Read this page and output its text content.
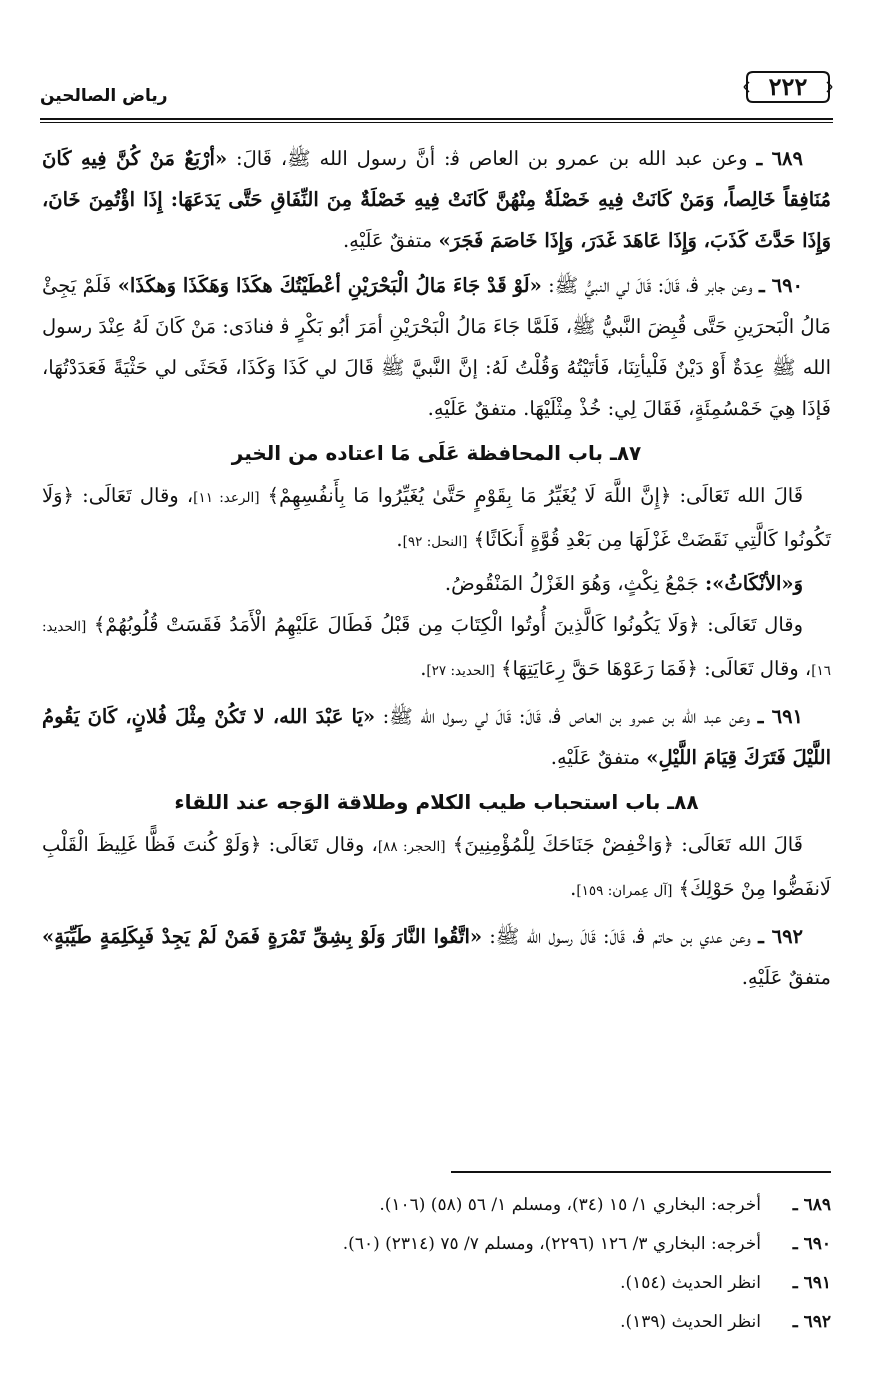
٢٢٢
رياض الصالحين

٦٨٩ ـ وعن عبد الله بن عمرو بن العاص ﭬ: أنَّ رسول الله ﷺ، قَالَ: «أرْبَعٌ مَنْ كُنَّ فِيهِ كَانَ مُنَافِقاً خَالِصاً، وَمَنْ كَانَتْ فِيهِ خَصْلَةٌ مِنْهُنَّ كَانَتْ فِيهِ خَصْلَةٌ مِنَ النِّفَاقِ حَتَّى يَدَعَهَا: إِذَا اؤْتُمِنَ خَانَ، وَإِذَا حَدَّثَ كَذَبَ، وَإِذَا عَاهَدَ غَدَرَ، وَإِذَا خَاصَمَ فَجَرَ» متفقٌ عَلَيْهِ.

٦٩٠ ـ وعن جابر ﭬ، قَالَ: قَالَ لي النبيُّ ﷺ: «لَوْ قَدْ جَاءَ مَالُ الْبَحْرَيْنِ أعْطَيْتُكَ هكَذَا وَهَكَذَا وَهكَذَا» فَلَمْ يَجِئْ مَالُ الْبَحرَينِ حَتَّى قُبِضَ النَّبيُّ ﷺ، فَلَمَّا جَاءَ مَالُ الْبَحْرَيْنِ أمَرَ أبُو بَكْرٍ ﭬ فنادَى: مَنْ كَانَ لَهُ عِنْدَ رسول الله ﷺ عِدَةٌ أَوْ دَيْنٌ فَلْيأتِنَا، فَأتَيْتُهُ وَقُلْتُ لَهُ: إنَّ النَّبيَّ ﷺ قَالَ لي كَذَا وَكَذَا، فَحَثَى لي حَثْيَةً فَعَدَدْتُهَا، فَإذَا هِيَ خَمْسُمِئَةٍ، فَقَالَ لِي: خُذْ مِثْلَيْهَا. متفقٌ عَلَيْهِ.

٨٧ـ باب المحافظة عَلَى مَا اعتاده من الخير

قَالَ الله تَعَالَى: ﴿إِنَّ اللَّهَ لَا يُغَيِّرُ مَا بِقَوْمٍ حَتَّىٰ يُغَيِّرُوا مَا بِأَنفُسِهِمْ﴾ [الرعد: ١١]، وقال تَعَالَى: ﴿وَلَا تَكُونُوا كَالَّتِي نَقَضَتْ غَزْلَهَا مِن بَعْدِ قُوَّةٍ أَنكَاثًا﴾ [النحل: ٩٢].

وَ«الأنْكَاثُ»: جَمْعُ نِكْثٍ، وَهُوَ الغَزْلُ المَنْقُوضُ.

وقال تَعَالَى: ﴿وَلَا يَكُونُوا كَالَّذِينَ أُوتُوا الْكِتَابَ مِن قَبْلُ فَطَالَ عَلَيْهِمُ الْأَمَدُ فَقَسَتْ قُلُوبُهُمْ﴾ [الحديد: ١٦]، وقال تَعَالَى: ﴿فَمَا رَعَوْهَا حَقَّ رِعَايَتِهَا﴾ [الحديد: ٢٧].

٦٩١ ـ وعن عبد الله بن عمرو بن العاص ﭬ، قَالَ: قَالَ لي رسول الله ﷺ: «يَا عَبْدَ الله، لا تَكُنْ مِثْلَ فُلانٍ، كَانَ يَقُومُ اللَّيْلَ فَتَرَكَ قِيَامَ اللَّيْلِ» متفقٌ عَلَيْهِ.

٨٨ـ باب استحباب طيب الكلام وطلاقة الوَجه عند اللقاء

قَالَ الله تَعَالَى: ﴿وَاخْفِضْ جَنَاحَكَ لِلْمُؤْمِنِينَ﴾ [الحجر: ٨٨]، وقال تَعَالَى: ﴿وَلَوْ كُنتَ فَظًّا غَلِيظَ الْقَلْبِ لَانفَضُّوا مِنْ حَوْلِكَ﴾ [آل عِمران: ١٥٩].

٦٩٢ ـ وعن عدي بن حاتم ﭬ، قَالَ: قَالَ رسول الله ﷺ: «اتَّقُوا النَّارَ وَلَوْ بِشِقِّ تَمْرَةٍ فَمَنْ لَمْ يَجِدْ فَبِكَلِمَةٍ طَيِّبَةٍ» متفقٌ عَلَيْهِ.

٦٨٩ ـأخرجه: البخاري ١/ ١٥ (٣٤)، ومسلم ١/ ٥٦ (٥٨) (١٠٦).
٦٩٠ ـأخرجه: البخاري ٣/ ١٢٦ (٢٢٩٦)، ومسلم ٧/ ٧٥ (٢٣١٤) (٦٠).
٦٩١ ـانظر الحديث (١٥٤).
٦٩٢ ـانظر الحديث (١٣٩).
